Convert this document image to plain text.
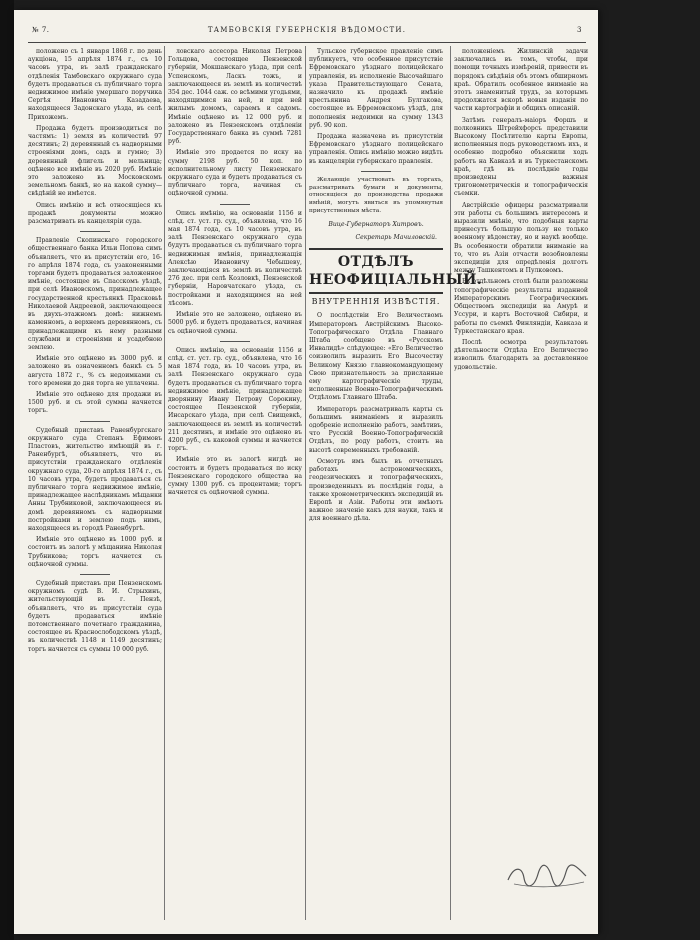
№ 7.	ТАМБОВСКІЯ ГУБЕРНСКІЯ ВѢДОМОСТИ.	3

положено съ 1 января 1868 г. по день аукціона, 15 апрѣля 1874 г., съ 10 часовъ утра, въ залѣ гражданскаго отдѣленія Тамбовскаго окружнаго суда будетъ продаваться съ публичнаго торга недвижимое имѣніе умершаго поручика Сергѣя Ивановича Казадаева, находящееся Задонскаго уѣзда, въ селѣ Прихожемъ.

Продажа будетъ производиться по частямъ: 1) земля въ количествѣ 97 десятинъ; 2) деревянный съ надворными строеніями домъ, садъ и гумно; 3) деревянный флигель и мельница; оцѣнено все имѣніе въ 2020 руб. Имѣніе это заложено въ Московскомъ земельномъ банкѣ, но на какой сумму—свѣдѣній не имѣется.

Опись имѣнію и всѣ относящіеся къ продажѣ документы можно разсматривать въ канцеляріи суда.

Правленіе Скопинскаго городского общественнаго банка Ильи Попова симъ объявляетъ, что въ присутствіи его, 16-го апрѣля 1874 года, съ узаконенными торгами будетъ продаваться заложенное имѣніе, состоящее въ Спасскомъ уѣздѣ, при селѣ Ивановскомъ, принадлежащее государственной крестьянкѣ Прасковьѣ Николаевой Андреевой, заключающееся въ двухъ-этажномъ домѣ: нижнемъ каменномъ, а верхнемъ деревянномъ, съ принадлежащими къ нему разными службами и строеніями и усадебною землею.

Имѣніе это оцѣнено въ 3000 руб. и заложено въ означенномъ банкѣ съ 5 августа 1872 г., % съ недоимками съ того времени до дня торга не уплачены.

Имѣніе это оцѣнено для продажи въ 1500 руб. и съ этой суммы начнется торгъ.

Судебный приставъ Раненбургскаго окружнаго суда Степанъ Ефимовъ Пластовъ, жительство имѣющій въ г. Раненбургѣ, объявляетъ, что въ присутствіи гражданскаго отдѣленія окружнаго суда, 20-го апрѣля 1874 г., съ 10 часовъ утра, будетъ продаваться съ публичнаго торга недвижимое имѣніе, принадлежащее наслѣдникамъ мѣщанки Анны Трубниковой, заключающееся въ домѣ деревянномъ съ надворными постройками и землею подъ нимъ, находящееся въ городѣ Раненбургѣ.

Имѣніе это оцѣнено въ 1000 руб. и состоитъ въ залогѣ у мѣщанина Николая Трубникова; торгъ начнется съ оцѣночной суммы.

Судебный приставъ при Пензенскомъ окружномъ судѣ В. И. Стрыхинъ, жительствующій въ г. Пензѣ, объявляетъ, что въ присутствіи суда будетъ продаваться имѣніе потомственнаго почетнаго гражданина, состоящее въ Краснослободскомъ уѣздѣ, въ количествѣ 1148 и 1149 десятинъ; торгъ начнется съ суммы 10 000 руб.

ловскаго ассесора Николая Петрова Гольцова, состоящее Пензенской губерніи, Мокшанскаго уѣзда, при селѣ Успенскомъ, Ласкъ тожъ, и заключающееся въ землѣ въ количествѣ 354 дес. 1044 саж. со всѣмими угодьями, находящимися на ней, и при ней жилымъ домомъ, сараемъ и садомъ. Имѣніе оцѣнено въ 12 000 руб. и заложено въ Пензенскомъ отдѣленіи Государственнаго банка въ суммѣ 7281 руб.

Имѣніе это продается по иску на сумму 2198 руб. 50 коп. по исполнительному листу Пензенскаго окружнаго суда и будетъ продаваться съ публичнаго торга, начиная съ оцѣночной суммы.

Опись имѣнію, на основаніи 1156 и слѣд. ст. уст. гр. суд., объявлена, что 16 мая 1874 года, съ 10 часовъ утра, въ залѣ Пензенскаго окружнаго суда будутъ продаваться съ публичнаго торга недвижимыя имѣнія, принадлежащія Алексѣю Ивановичу Чебышеву, заключающіяся въ землѣ въ количествѣ 276 дес. при селѣ Козловкѣ, Пензенской губерніи, Наровчатскаго уѣзда, съ постройками и находящимся на ней лѣсомъ.

Имѣніе это не заложено, оцѣнено въ 5000 руб. и будетъ продаваться, начиная съ оцѣночной суммы.

Опись имѣнію, на основаніи 1156 и слѣд. ст. уст. гр. суд., объявлена, что 16 мая 1874 года, въ 10 часовъ утра, въ залѣ Пензенскаго окружнаго суда будетъ продаваться съ публичнаго торга недвижимое имѣніе, принадлежащее дворянину Ивану Петрову Сорокину, состоящее Пензенской губерніи, Инсарскаго уѣзда, при селѣ Свищевкѣ, заключающееся въ землѣ въ количествѣ 211 десятинъ, и имѣніе это оцѣнено въ 4200 руб., съ каковой суммы и начнется торгъ.

Имѣніе это въ залогѣ нигдѣ не состоитъ и будетъ продаваться по иску Пензенскаго городского общества на сумму 1300 руб. съ процентами; торгъ начнется съ оцѣночной суммы.

Тульское губернское правленіе симъ публикуетъ, что особенное присутствіе Ефремовскаго уѣзднаго полицейскаго управленія, въ исполненіе Высочайшаго указа Правительствующаго Сената, назначило къ продажѣ имѣніе крестьянина Андрея Булгакова, состоящее въ Ефремовскомъ уѣздѣ, для пополненія недоимки на сумму 1343 руб. 90 коп.

Продажа назначена въ присутствіи Ефремовскаго уѣзднаго полицейскаго управленія. Опись имѣнію можно видѣть въ канцеляріи губернскаго правленія.

Желающіе участвовать въ торгахъ, разсматривать бумаги и документы, относящіеся до производства продажи имѣній, могутъ явиться въ упомянутыя присутственныя мѣста.

Вице-Губернаторъ Хитровъ.

Секретарь Мачиловскій.

ОТДѢЛЪ НЕОФИЦІАЛЬНЫЙ.
ВНУТРЕННІЯ ИЗВѢСТІЯ.

О послѣдствіи Его Величествомъ Императоромъ Австрійскимъ Высоко-Топографическаго Отдѣла Главнаго Штаба сообщено въ «Русскомъ Инвалидѣ» слѣдующее: «Его Величество соизволилъ выразить Его Высочеству Великому Князю главнокомандующему Свою признательность за присланные ему картографическіе труды, исполненные Военно-Топографическимъ Отдѣломъ Главнаго Штаба.

Императоръ разсматривалъ карты съ большимъ вниманіемъ и выразилъ одобреніе исполненію работъ, замѣтивъ, что Русскій Военно-Топографическій Отдѣлъ, по роду работъ, стоитъ на высотѣ современныхъ требованій.

Осмотръ имъ былъ въ отчетныхъ работахъ астрономическихъ, геодезическихъ и топографическихъ, произведенныхъ въ послѣднія годы, а также хронометрическихъ экспедицій въ Европѣ и Азіи. Работы эти имѣютъ важное значеніе какъ для науки, такъ и для военнаго дѣла.

положеніемъ Жилинскій задачи заключались въ томъ, чтобы, при помощи точныхъ измѣреній, привести въ порядокъ свѣдѣнія объ этомъ обширномъ краѣ. Обратилъ особенное вниманіе на этотъ знаменитый трудъ, за которымъ продолжатся вскорѣ новыя изданія по части картографіи и общихъ описаній.

Затѣмъ генералъ-маіоръ Форшъ и полковникъ Штрейхфорсъ представили Высокому Посѣтителю карты Европы, исполненныя подъ руководствомъ ихъ, и особенно подробно объяснили ходъ работъ на Кавказѣ и въ Туркестанскомъ краѣ, гдѣ въ послѣдніе годы произведены важныя тригонометрическія и топографическія съемки.

Австрійскіе офицеры разсматривали эти работы съ большимъ интересомъ и выразили мнѣніе, что подобныя карты принесутъ большую пользу не только военному вѣдомству, но и наукѣ вообще. Въ особенности обратили вниманіе на то, что въ Азіи отчасти возобновлены экспедиціи для опредѣленія долготъ между Ташкентомъ и Пулковомъ.

Въ отдѣльномъ столѣ были разложены топографическіе результаты изданной Императорскимъ Географическимъ Обществомъ экспедиціи на Амурѣ и Уссури, и картъ Восточной Сибири, и работы по съемкѣ Финляндіи, Кавказа и Туркестанскаго края.

Послѣ осмотра результатовъ дѣятельности Отдѣла Его Величество изволилъ благодарить за доставленное удовольствіе.
